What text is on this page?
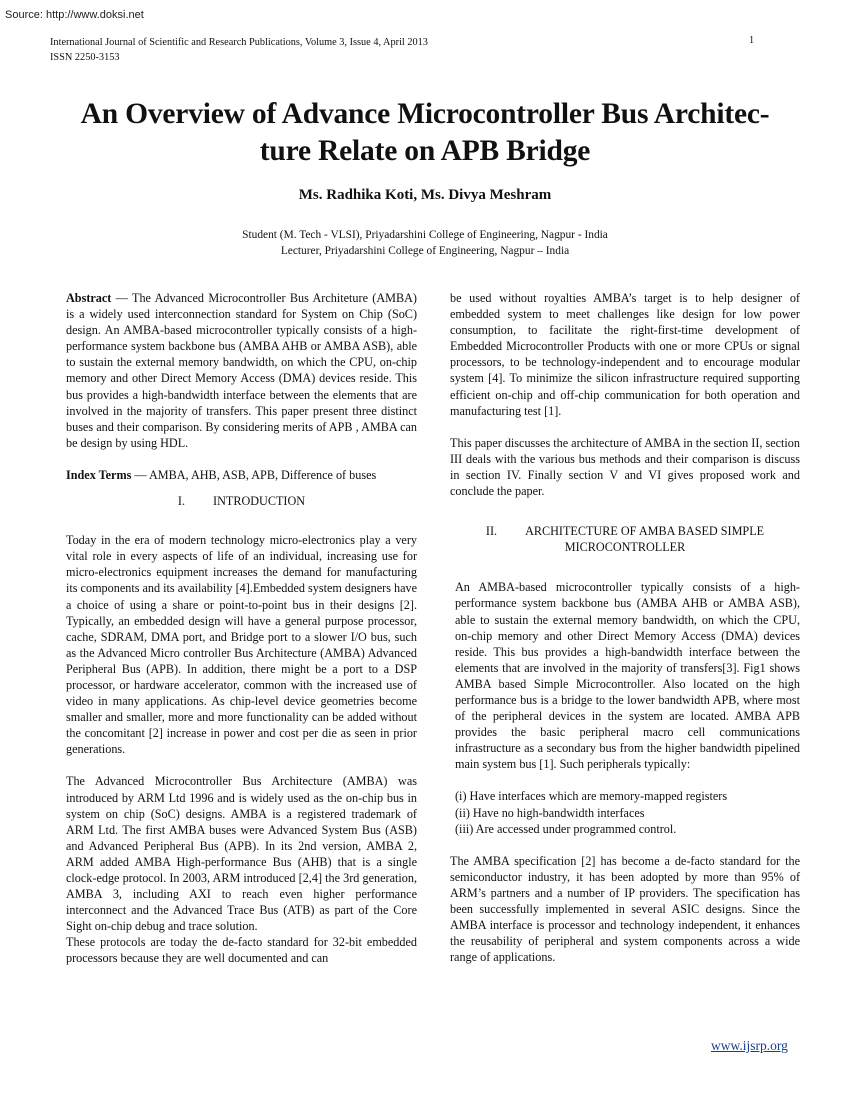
Source: http://www.doksi.net
International Journal of Scientific and Research Publications, Volume 3, Issue 4, April 2013
ISSN 2250-3153
1
An Overview of Advance Microcontroller Bus Architec-
ture Relate on APB Bridge
Ms. Radhika Koti, Ms. Divya Meshram
Student (M. Tech - VLSI), Priyadarshini College of Engineering, Nagpur - India
Lecturer, Priyadarshini College of Engineering, Nagpur – India

Abstract — The Advanced Microcontroller Bus Architeture (AMBA) is a widely used interconnection standard for System on Chip (SoC) design. An AMBA-based microcontroller typically consists of a high-performance system backbone bus (AMBA AHB or AMBA ASB), able to sustain the external memory bandwidth, on which the CPU, on-chip memory and other Direct Memory Access (DMA) devices reside. This bus provides a high-bandwidth interface between the elements that are involved in the majority of transfers. This paper present three distinct buses and their comparison. By considering merits of APB , AMBA can be design by using HDL.

Index Terms — AMBA, AHB, ASB, APB, Difference of buses

I. INTRODUCTION

Today in the era of modern technology micro-electronics play a very vital role in every aspects of life of an individual, increasing use for micro-electronics equipment increases the demand for manufacturing its components and its availability [4].Embedded system designers have a choice of using a share or point-to-point bus in their designs [2]. Typically, an embedded design will have a general purpose processor, cache, SDRAM, DMA port, and Bridge port to a slower I/O bus, such as the Advanced Micro controller Bus Architecture (AMBA) Advanced Peripheral Bus (APB). In addition, there might be a port to a DSP processor, or hardware accelerator, common with the increased use of video in many applications. As chip-level device geometries become smaller and smaller, more and more functionality can be added without the concomitant [2] increase in power and cost per die as seen in prior generations.

The Advanced Microcontroller Bus Architecture (AMBA) was introduced by ARM Ltd 1996 and is widely used as the on-chip bus in system on chip (SoC) designs. AMBA is a registered trademark of ARM Ltd. The first AMBA buses were Advanced System Bus (ASB) and Advanced Peripheral Bus (APB). In its 2nd version, AMBA 2, ARM added AMBA High-performance Bus (AHB) that is a single clock-edge protocol. In 2003, ARM introduced [2,4] the 3rd generation, AMBA 3, including AXI to reach even higher performance interconnect and the Advanced Trace Bus (ATB) as part of the Core Sight on-chip debug and trace solution.

These protocols are today the de-facto standard for 32-bit embedded processors because they are well documented and can

be used without royalties AMBA’s target is to help designer of embedded system to meet challenges like design for low power consumption, to facilitate the right-first-time development of Embedded Microcontroller Products with one or more CPUs or signal processors, to be technology-independent and to encourage modular system [4]. To minimize the silicon infrastructure required supporting efficient on-chip and off-chip communication for both operation and manufacturing test [1].

This paper discusses the architecture of AMBA in the section II, section III deals with the various bus methods and their comparison is discuss in section IV. Finally section V and VI gives proposed work and conclude the paper.

II. ARCHITECTURE OF AMBA BASED SIMPLE
MICROCONTROLLER

An AMBA-based microcontroller typically consists of a high-performance system backbone bus (AMBA AHB or AMBA ASB), able to sustain the external memory bandwidth, on which the CPU, on-chip memory and other Direct Memory Access (DMA) devices reside. This bus provides a high-bandwidth interface between the elements that are involved in the majority of transfers[3]. Fig1 shows AMBA based Simple Microcontroller. Also located on the high performance bus is a bridge to the lower bandwidth APB, where most of the peripheral devices in the system are located. AMBA APB provides the basic peripheral macro cell communications infrastructure as a secondary bus from the higher bandwidth pipelined main system bus [1]. Such peripherals typically:

(i) Have interfaces which are memory-mapped registers
(ii) Have no high-bandwidth interfaces
(iii) Are accessed under programmed control.

The AMBA specification [2] has become a de-facto standard for the semiconductor industry, it has been adopted by more than 95% of ARM’s partners and a number of IP providers. The specification has been successfully implemented in several ASIC designs. Since the AMBA interface is processor and technology independent, it enhances the reusability of peripheral and system components across a wide range of applications.

www.ijsrp.org
